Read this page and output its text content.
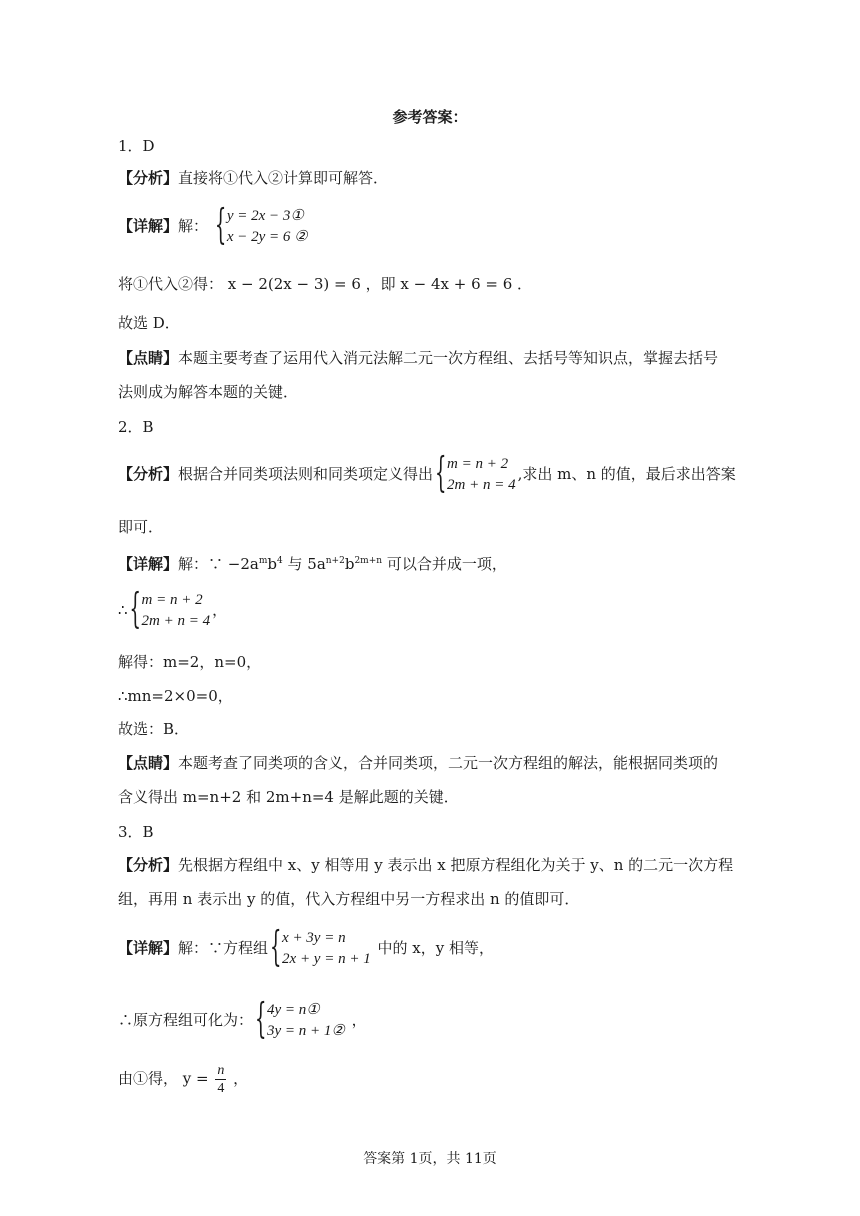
参考答案：
1．D
【分析】直接将①代入②计算即可解答．
【详解】解： { y = 2x − 3①
x − 2y = 6 ②
将①代入②得： x − 2(2x − 3) = 6 ，即 x − 4x + 6 = 6 ．
故选 D．
【点睛】本题主要考查了运用代入消元法解二元一次方程组、去括号等知识点，掌握去括号
法则成为解答本题的关键．
2．B
【分析】根据合并同类项法则和同类项定义得出 { m = n + 2
2m + n = 4
,求出 m、n 的值，最后求出答案
即可．
【详解】解：∵ $-2a^mb^4$ 与 $5a^{n+2}b^{2m+n}$ 可以合并成一项，
∴ { m = n + 2
2m + n = 4
，
解得：m=2，n=0，
∴mn=2×0=0，
故选：B．
【点睛】本题考查了同类项的含义，合并同类项，二元一次方程组的解法，能根据同类项的
含义得出 m=n+2 和 2m+n=4 是解此题的关键．
3．B
【分析】先根据方程组中 x、y 相等用 y 表示出 x 把原方程组化为关于 y、n 的二元一次方程
组，再用 n 表示出 y 的值，代入方程组中另一方程求出 n 的值即可．
【详解】解：∵方程组 { x + 3y = n
2x + y = n + 1
中的 x，y 相等，
∴原方程组可化为： { 4y = n①
3y = n + 1②
，
由①得， $y = \frac{n}{4}$ ，
答案第 1页，共 11页
